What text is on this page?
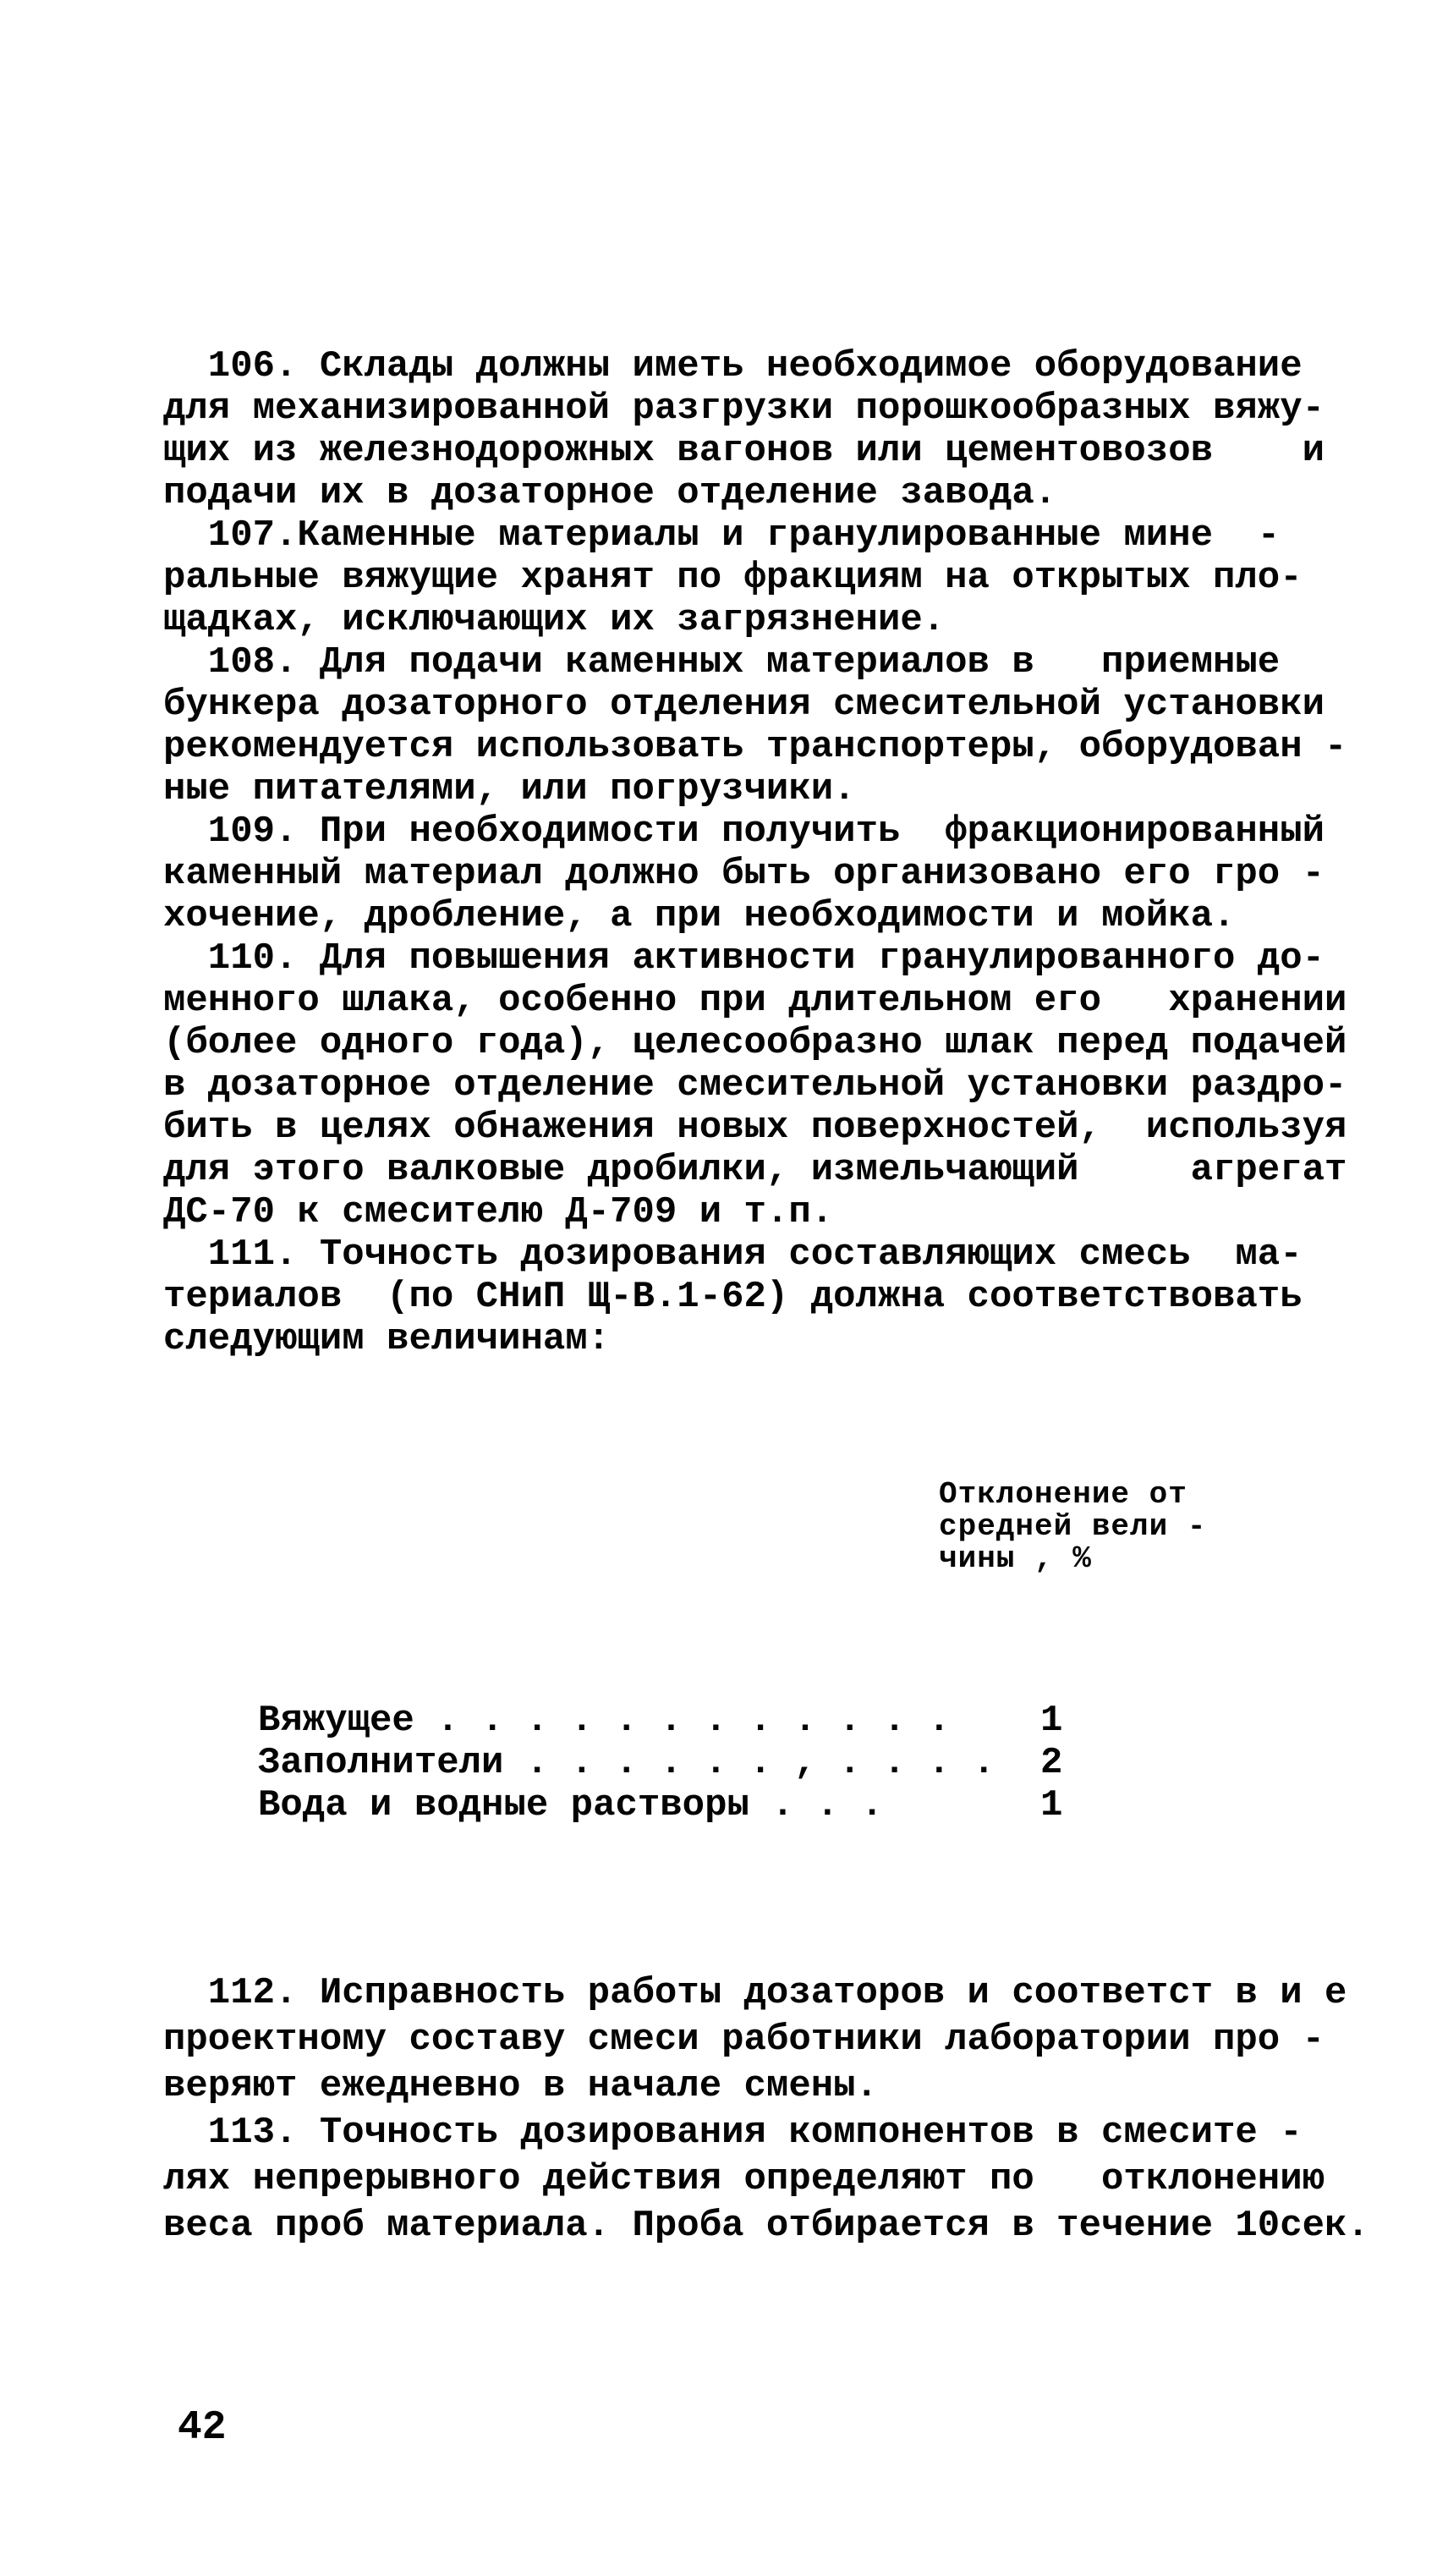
106. Склады должны иметь необходимое оборудование
для механизированной разгрузки порошкообразных вяжу-
щих из железнодорожных вагонов или цементовозов    и
подачи их в дозаторное отделение завода.
107.Каменные материалы и гранулированные мине  -
ральные вяжущие хранят по фракциям на открытых пло-
щадках, исключающих их загрязнение.
108. Для подачи каменных материалов в   приемные
бункера дозаторного отделения смесительной установки
рекомендуется использовать транспортеры, оборудован -
ные питателями, или погрузчики.
109. При необходимости получить  фракционированный
каменный материал должно быть организовано его гро -
хочение, дробление, а при необходимости и мойка.
110. Для повышения активности гранулированного до-
менного шлака, особенно при длительном его   хранении
(более одного года), целесообразно шлак перед подачей
в дозаторное отделение смесительной установки раздро-
бить в целях обнажения новых поверхностей,  используя
для этого валковые дробилки, измельчающий     агрегат
ДС-70 к смесителю Д-709 и т.п.
111. Точность дозирования составляющих смесь  ма-
териалов  (по СНиП Щ-В.1-62) должна соответствовать
следующим величинам:

Отклонение от
средней вели -
чины , %

Вяжущее . . . . . . . . . . . . 1
Заполнители . . . . . . , . . . . 2
Вода и водные растворы . . .	1

112. Исправность работы дозаторов и соответст в и е
проектному составу смеси работники лаборатории про -
веряют ежедневно в начале смены.
113. Точность дозирования компонентов в смесите -
лях непрерывного действия определяют по   отклонению
веса проб материала. Проба отбирается в течение 10сек.

42
